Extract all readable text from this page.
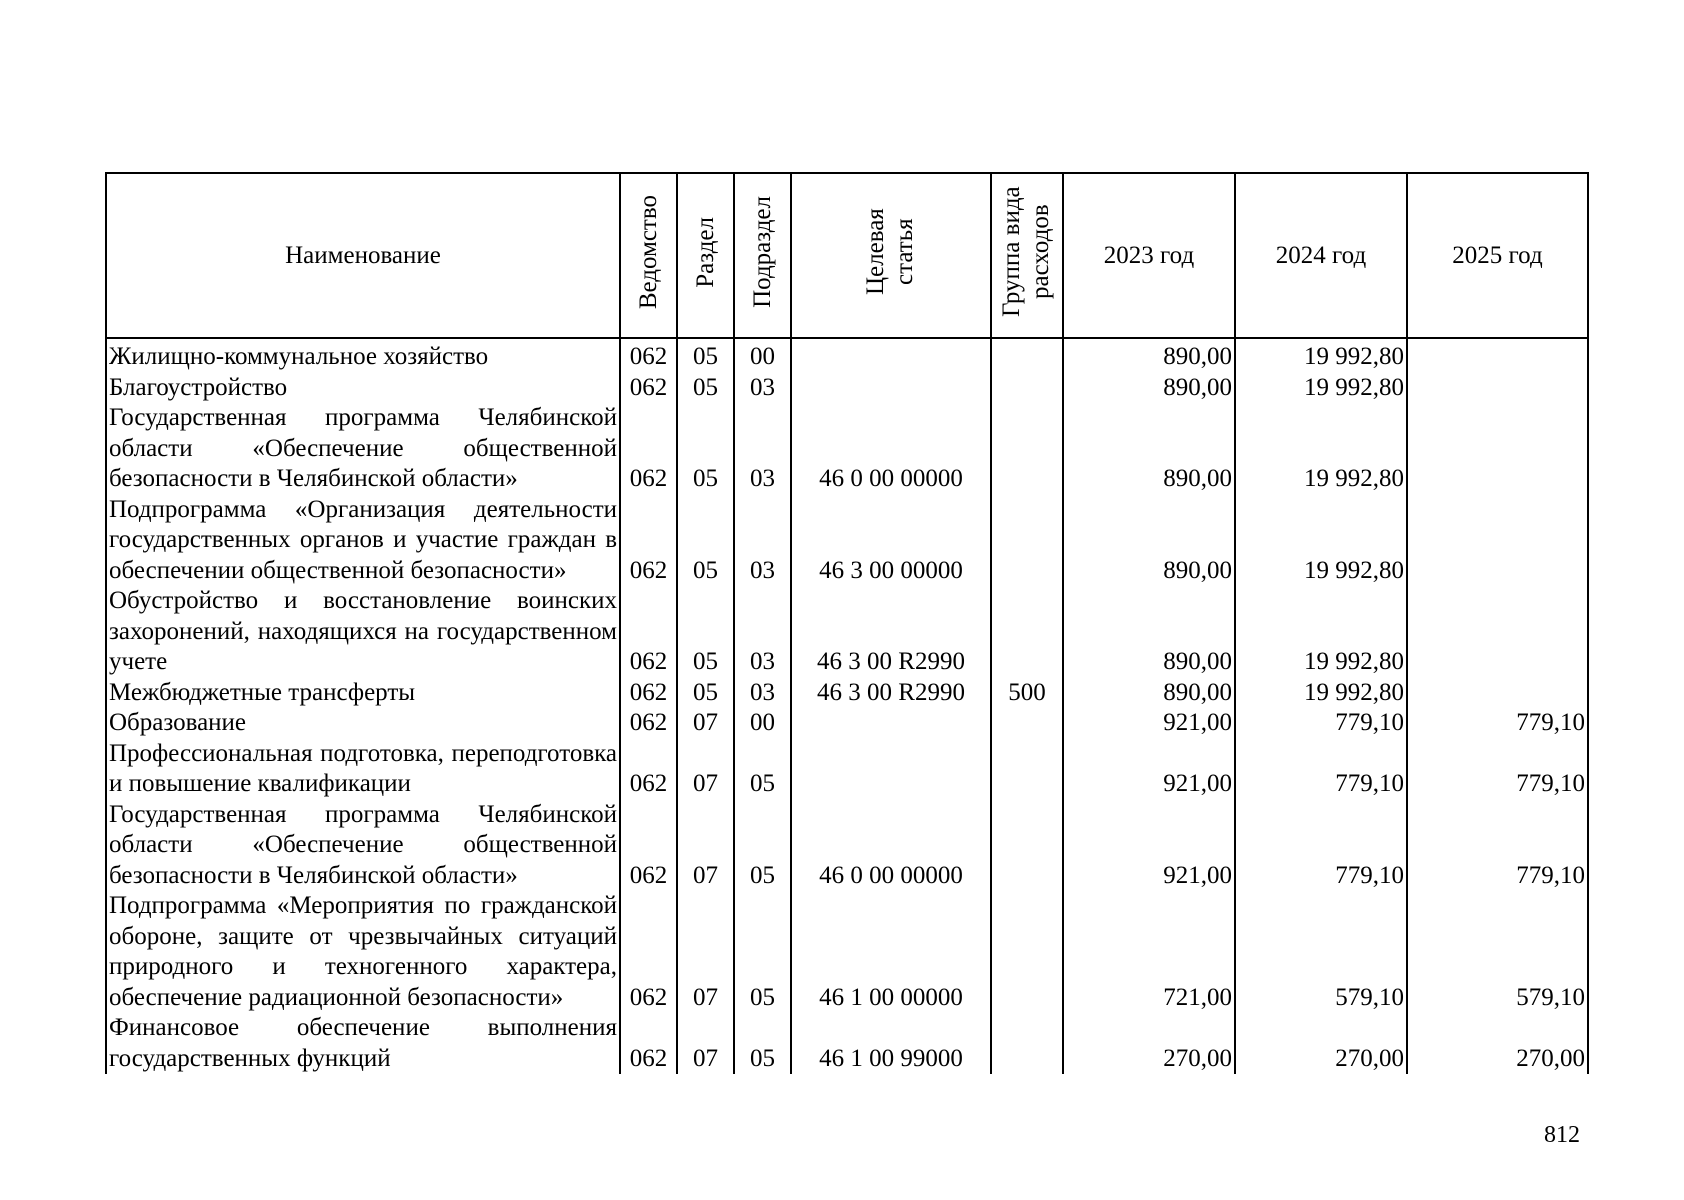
Наименование	Ведомство	Раздел	Подраздел	Целевая статья	Группа вида расходов	2023 год	2024 год	2025 год
Жилищно-коммунальное хозяйство	062	05	00			890,00	19 992,80	
Благоустройство	062	05	03			890,00	19 992,80	
Государственная программа Челябинской области «Обеспечение общественной безопасности в Челябинской области»	062	05	03	46 0 00 00000		890,00	19 992,80	
Подпрограмма «Организация деятельности государственных органов и участие граждан в обеспечении общественной безопасности»	062	05	03	46 3 00 00000		890,00	19 992,80	
Обустройство и восстановление воинских захоронений, находящихся на государственном учете	062	05	03	46 3 00 R2990		890,00	19 992,80	
Межбюджетные трансферты	062	05	03	46 3 00 R2990	500	890,00	19 992,80	
Образование	062	07	00			921,00	779,10	779,10
Профессиональная подготовка, переподготовка и повышение квалификации	062	07	05			921,00	779,10	779,10
Государственная программа Челябинской области «Обеспечение общественной безопасности в Челябинской области»	062	07	05	46 0 00 00000		921,00	779,10	779,10
Подпрограмма «Мероприятия по гражданской обороне, защите от чрезвычайных ситуаций природного и техногенного характера, обеспечение радиационной безопасности»	062	07	05	46 1 00 00000		721,00	579,10	579,10
Финансовое обеспечение выполнения государственных функций	062	07	05	46 1 00 99000		270,00	270,00	270,00
812
